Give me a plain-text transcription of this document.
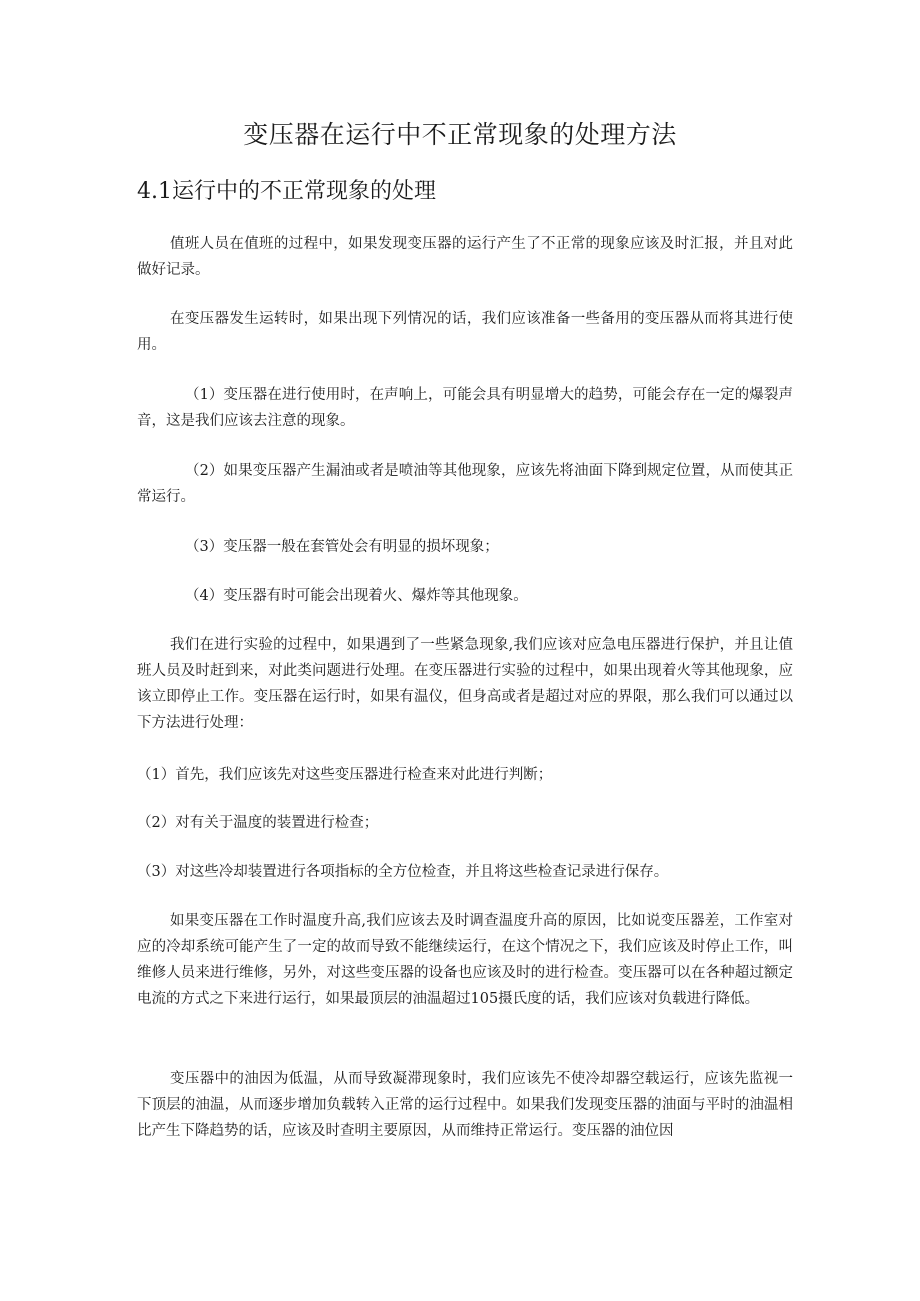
变压器在运行中不正常现象的处理方法
4.1运行中的不正常现象的处理

值班人员在值班的过程中，如果发现变压器的运行产生了不正常的现象应该及时汇报，并且对此做好记录。

在变压器发生运转时，如果出现下列情况的话，我们应该准备一些备用的变压器从而将其进行使用。

（1）变压器在进行使用时，在声响上，可能会具有明显增大的趋势，可能会存在一定的爆裂声音，这是我们应该去注意的现象。

（2）如果变压器产生漏油或者是喷油等其他现象，应该先将油面下降到规定位置，从而使其正常运行。

（3）变压器一般在套管处会有明显的损坏现象；

（4）变压器有时可能会出现着火、爆炸等其他现象。

我们在进行实验的过程中，如果遇到了一些紧急现象,我们应该对应急电压器进行保护，并且让值班人员及时赶到来，对此类问题进行处理。在变压器进行实验的过程中，如果出现着火等其他现象，应该立即停止工作。变压器在运行时，如果有温仪，但身高或者是超过对应的界限，那么我们可以通过以下方法进行处理：

（1）首先，我们应该先对这些变压器进行检查来对此进行判断；

（2）对有关于温度的装置进行检查；

（3）对这些冷却装置进行各项指标的全方位检查，并且将这些检查记录进行保存。

如果变压器在工作时温度升高,我们应该去及时调查温度升高的原因，比如说变压器差，工作室对应的冷却系统可能产生了一定的故而导致不能继续运行，在这个情况之下，我们应该及时停止工作，叫维修人员来进行维修，另外，对这些变压器的设备也应该及时的进行检查。变压器可以在各种超过额定电流的方式之下来进行运行，如果最顶层的油温超过105摄氏度的话，我们应该对负载进行降低。

变压器中的油因为低温，从而导致凝滞现象时，我们应该先不使冷却器空载运行，应该先监视一下顶层的油温，从而逐步增加负载转入正常的运行过程中。如果我们发现变压器的油面与平时的油温相比产生下降趋势的话，应该及时查明主要原因，从而维持正常运行。变压器的油位因
